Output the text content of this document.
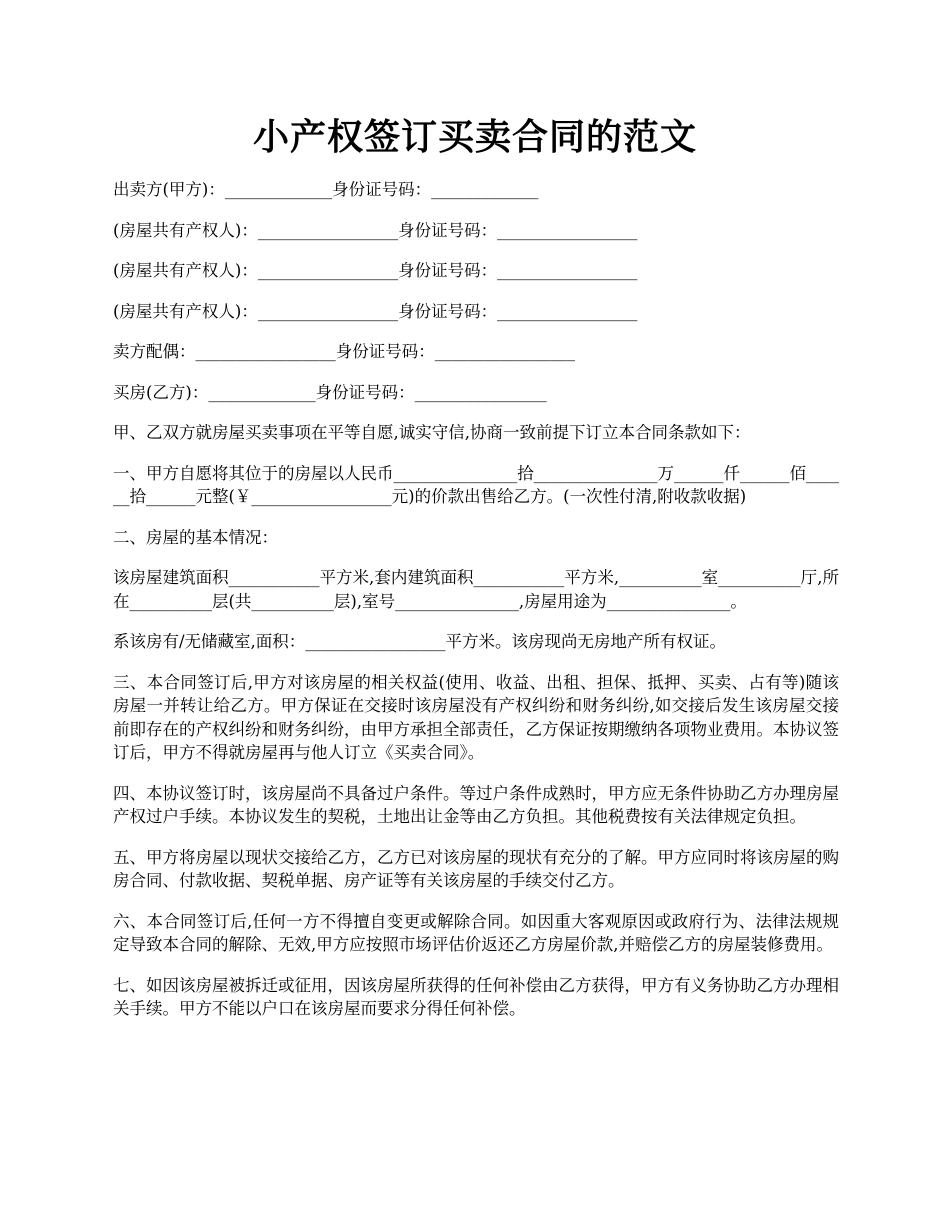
小产权签订买卖合同的范文

出卖方(甲方)：_____________身份证号码：_____________

(房屋共有产权人)：_________________身份证号码：_________________

(房屋共有产权人)：_________________身份证号码：_________________

(房屋共有产权人)：_________________身份证号码：_________________

卖方配偶：_________________身份证号码：_________________

买房(乙方)：_____________身份证号码：________________

甲、乙双方就房屋买卖事项在平等自愿,诚实守信,协商一致前提下订立本合同条款如下：

一、甲方自愿将其位于的房屋以人民币_______________拾_______________万______仟______佰______拾______元整(￥_________________元)的价款出售给乙方。(一次性付清,附收款收据)

二、房屋的基本情况：

该房屋建筑面积___________平方米,套内建筑面积___________平方米,__________室__________厅,所在__________层(共__________层),室号_______________,房屋用途为_______________。

系该房有/无储藏室,面积：_________________平方米。该房现尚无房地产所有权证。

三、本合同签订后,甲方对该房屋的相关权益(使用、收益、出租、担保、抵押、买卖、占有等)随该房屋一并转让给乙方。甲方保证在交接时该房屋没有产权纠纷和财务纠纷,如交接后发生该房屋交接前即存在的产权纠纷和财务纠纷，由甲方承担全部责任，乙方保证按期缴纳各项物业费用。本协议签订后，甲方不得就房屋再与他人订立《买卖合同》。

四、本协议签订时，该房屋尚不具备过户条件。等过户条件成熟时，甲方应无条件协助乙方办理房屋产权过户手续。本协议发生的契税，土地出让金等由乙方负担。其他税费按有关法律规定负担。

五、甲方将房屋以现状交接给乙方，乙方已对该房屋的现状有充分的了解。甲方应同时将该房屋的购房合同、付款收据、契税单据、房产证等有关该房屋的手续交付乙方。

六、本合同签订后,任何一方不得擅自变更或解除合同。如因重大客观原因或政府行为、法律法规规定导致本合同的解除、无效,甲方应按照市场评估价返还乙方房屋价款,并赔偿乙方的房屋装修费用。

七、如因该房屋被拆迁或征用，因该房屋所获得的任何补偿由乙方获得，甲方有义务协助乙方办理相关手续。甲方不能以户口在该房屋而要求分得任何补偿。
